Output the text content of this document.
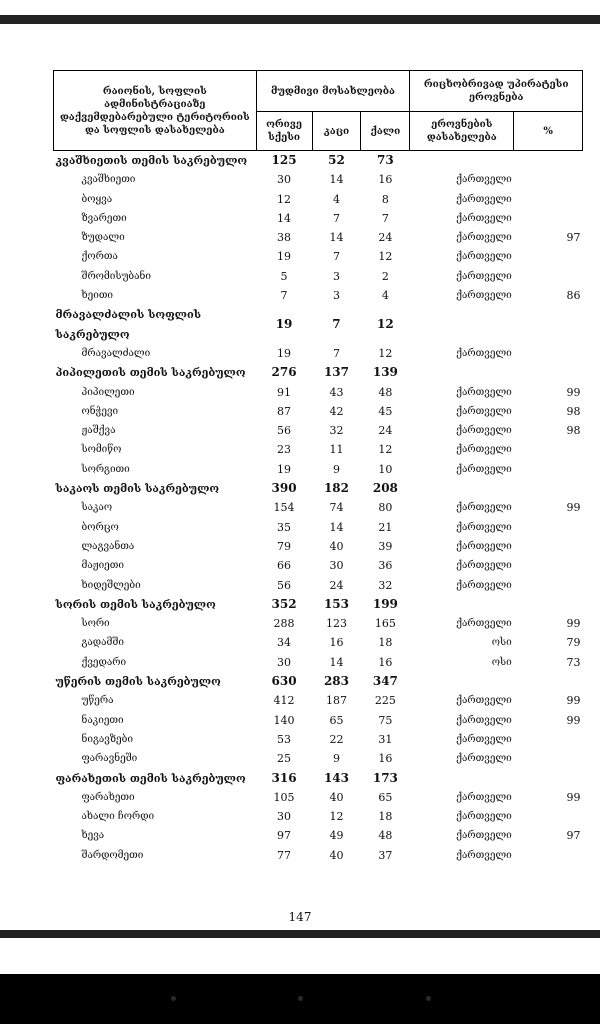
რაიონის, სოფლის ადმინისტრაციაზე დაქვემდებარებული ტერიტორიის და სოფლის დასახელება	მუდმივი მოსახლეობა			რიცხობრივად უპირატესი ეროვნება	
	ორივე სქესი	კაცი	ქალი	ეროვნების დასახელება	%
კვაშხიეთის თემის საკრებულო	125	52	73		
კვაშხიეთი	30	14	16	ქართველი	
ბოყვა	12	4	8	ქართველი	
ზვარეთი	14	7	7	ქართველი	
ზუდალი	38	14	24	ქართველი	97
ქორთა	19	7	12	ქართველი	
შრომისუბანი	5	3	2	ქართველი	
ხეითი	7	3	4	ქართველი	86
მრავალძალის სოფლის საკრებულო	19	7	12		
მრავალძალი	19	7	12	ქართველი	
პიპილეთის თემის საკრებულო	276	137	139		
პიპილეთი	91	43	48	ქართველი	99
ონჭევი	87	42	45	ქართველი	98
ჟაშქვა	56	32	24	ქართველი	98
სომიწო	23	11	12	ქართველი	
სორგითი	19	9	10	ქართველი	
საკაოს თემის საკრებულო	390	182	208		
საკაო	154	74	80	ქართველი	99
ბორცო	35	14	21	ქართველი	
ლაგვანთა	79	40	39	ქართველი	
მაჟიეთი	66	30	36	ქართველი	
ხიდეშლები	56	24	32	ქართველი	
სორის თემის საკრებულო	352	153	199		
სორი	288	123	165	ქართველი	99
გადამში	34	16	18	ოსი	79
ქვედარი	30	14	16	ოსი	73
უწერის თემის საკრებულო	630	283	347		
უწერა	412	187	225	ქართველი	99
ნაკიეთი	140	65	75	ქართველი	99
ნიგავზები	53	22	31	ქართველი	
ფარავნეში	25	9	16	ქართველი	
ფარახეთის თემის საკრებულო	316	143	173		
ფარახეთი	105	40	65	ქართველი	99
ახალი ჩორდი	30	12	18	ქართველი	
ხევა	97	49	48	ქართველი	97
შარდომეთი	77	40	37	ქართველი	
147
